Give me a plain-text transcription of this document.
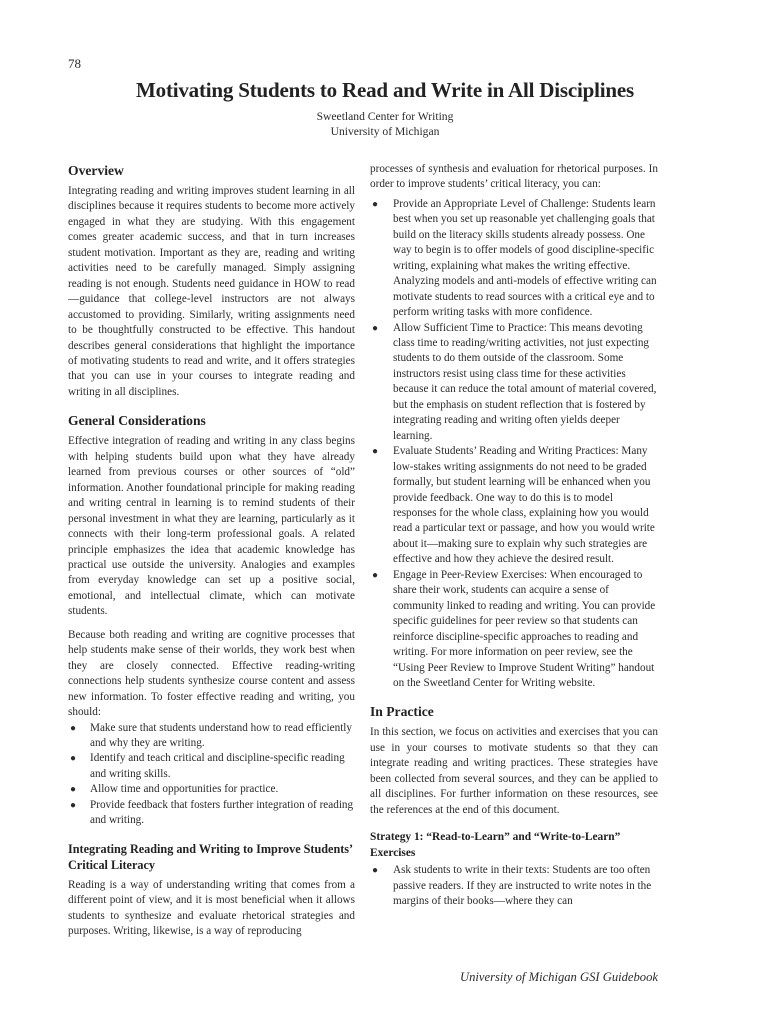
78
Motivating Students to Read and Write in All Disciplines
Sweetland Center for Writing
University of Michigan
Overview

Integrating reading and writing improves student learning in all disciplines because it requires students to become more actively engaged in what they are studying. With this engagement comes greater academic success, and that in turn increases student motivation. Important as they are, reading and writing activities need to be carefully managed. Simply assigning reading is not enough. Students need guidance in HOW to read—guidance that college-level instructors are not always accustomed to providing. Similarly, writing assignments need to be thoughtfully constructed to be effective. This handout describes general considerations that highlight the importance of motivating students to read and write, and it offers strategies that you can use in your courses to integrate reading and writing in all disciplines.

General Considerations

Effective integration of reading and writing in any class begins with helping students build upon what they have already learned from previous courses or other sources of “old” information. Another foundational principle for making reading and writing central in learning is to remind students of their personal investment in what they are learning, particularly as it connects with their long-term professional goals. A related principle emphasizes the idea that academic knowledge has practical use outside the university. Analogies and examples from everyday knowledge can set up a positive social, emotional, and intellectual climate, which can motivate students.

Because both reading and writing are cognitive processes that help students make sense of their worlds, they work best when they are closely connected. Effective reading-writing connections help students synthesize course content and assess new information. To foster effective reading and writing, you should:

● Make sure that students understand how to read efficiently and why they are writing.
● Identify and teach critical and discipline-specific reading and writing skills.
● Allow time and opportunities for practice.
● Provide feedback that fosters further integration of reading and writing.
Integrating Reading and Writing to Improve Students’ Critical Literacy

Reading is a way of understanding writing that comes from a different point of view, and it is most beneficial when it allows students to synthesize and evaluate rhetorical strategies and purposes. Writing, likewise, is a way of reproducing

processes of synthesis and evaluation for rhetorical purposes. In order to improve students’ critical literacy, you can:

● Provide an Appropriate Level of Challenge: Students learn best when you set up reasonable yet challenging goals that build on the literacy skills students already possess. One way to begin is to offer models of good discipline-specific writing, explaining what makes the writing effective. Analyzing models and anti-models of effective writing can motivate students to read sources with a critical eye and to perform writing tasks with more confidence.
● Allow Sufficient Time to Practice: This means devoting class time to reading/writing activities, not just expecting students to do them outside of the classroom. Some instructors resist using class time for these activities because it can reduce the total amount of material covered, but the emphasis on student reflection that is fostered by integrating reading and writing often yields deeper learning.
● Evaluate Students’ Reading and Writing Practices: Many low-stakes writing assignments do not need to be graded formally, but student learning will be enhanced when you provide feedback. One way to do this is to model responses for the whole class, explaining how you would read a particular text or passage, and how you would write about it—making sure to explain why such strategies are effective and how they achieve the desired result.
● Engage in Peer-Review Exercises: When encouraged to share their work, students can acquire a sense of community linked to reading and writing. You can provide specific guidelines for peer review so that students can reinforce discipline-specific approaches to reading and writing. For more information on peer review, see the “Using Peer Review to Improve Student Writing” handout on the Sweetland Center for Writing website.
In Practice

In this section, we focus on activities and exercises that you can use in your courses to motivate students so that they can integrate reading and writing practices. These strategies have been collected from several sources, and they can be applied to all disciplines. For further information on these resources, see the references at the end of this document.

Strategy 1: “Read-to-Learn” and “Write-to-Learn” Exercises
● Ask students to write in their texts: Students are too often passive readers. If they are instructed to write notes in the margins of their books—where they can
University of Michigan GSI Guidebook
